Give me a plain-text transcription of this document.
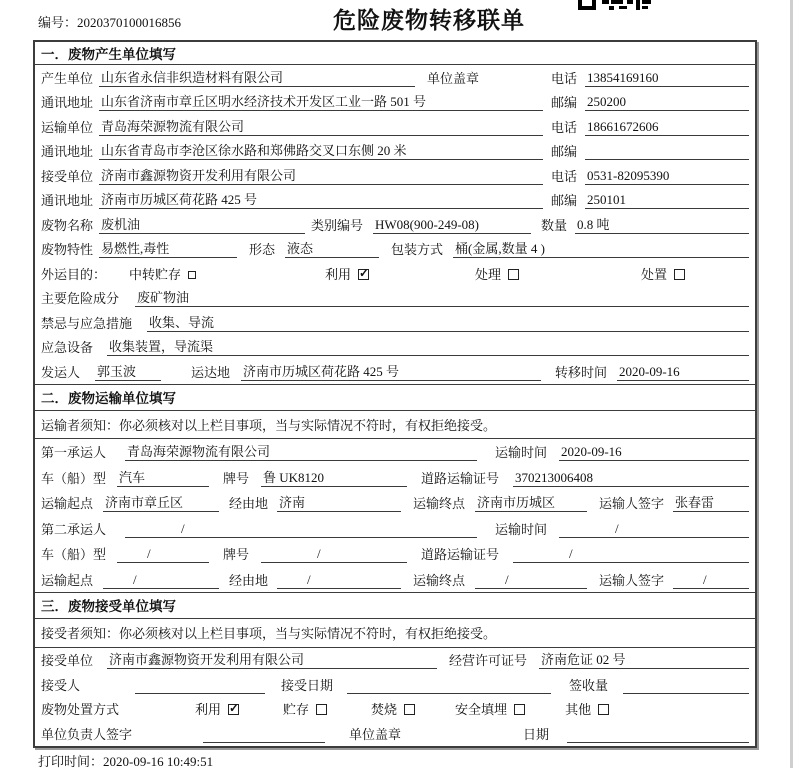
编号：2020370100016856	危险废物转移联单
一．废物产生单位填写
产生单位 山东省永信非织造材料有限公司	单位盖章	电话 13854169160
通讯地址 山东省济南市章丘区明水经济技术开发区工业一路 501 号	邮编 250200
运输单位 青岛海荣源物流有限公司	电话 18661672606
通讯地址 山东省青岛市李沧区徐水路和郑佛路交叉口东侧 20 米	邮编
接受单位 济南市鑫源物资开发利用有限公司	电话 0531-82095390
通讯地址 济南市历城区荷花路 425 号	邮编 250101
废物名称 废机油	类别编号 HW08(900-249-08)	数量 0.8 吨
废物特性 易燃性,毒性	形态 液态	包装方式 桶(金属,数量 4 )
外运目的：	中转贮存	利用 ✓	处理	处置
主要危险成分	废矿物油
禁忌与应急措施	收集、导流
应急设备	收集装置，导流渠
发运人	郭玉波	运达地 济南市历城区荷花路 425 号	转移时间 2020-09-16
二．废物运输单位填写
运输者须知：你必须核对以上栏目事项，当与实际情况不符时，有权拒绝接受。
第一承运人	青岛海荣源物流有限公司	运输时间 2020-09-16
车（船）型 汽车	牌号 鲁 UK8120	道路运输证号	370213006408
运输起点 济南市章丘区	经由地 济南	运输终点 济南市历城区	运输人签字 张春雷
第二承运人	/	运输时间	/
车（船）型	/	牌号	/	道路运输证号	/
运输起点	/	经由地	/	运输终点	/	运输人签字	/
三．废物接受单位填写
接受者须知：你必须核对以上栏目事项，当与实际情况不符时，有权拒绝接受。
接受单位 济南市鑫源物资开发利用有限公司	经营许可证号 济南危证 02 号
接受人	接受日期	签收量
废物处置方式	利用 ✓	贮存	焚烧	安全填埋	其他
单位负责人签字	单位盖章	日期
打印时间：2020-09-16 10:49:51
